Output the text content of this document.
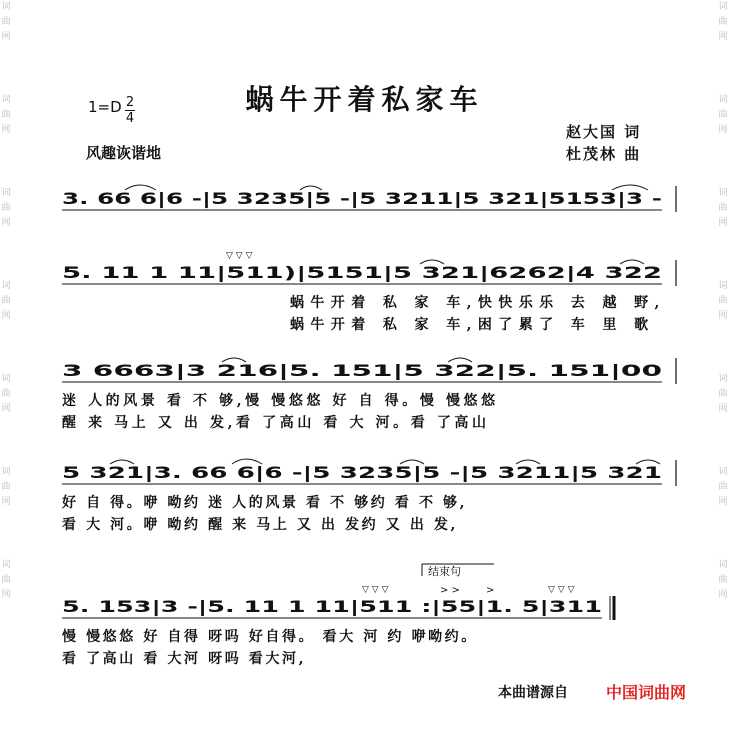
词
曲
网
词
曲
网
词
曲
网
词
曲
网
词
曲
网
词
曲
网
词
曲
网
词
曲
网
词
曲
网
词
曲
网
词
曲
网
词
曲
网
词
曲
网
词
曲
网
蜗牛开着私家车
1=D 2
4
风趣诙谐地
赵大国 词
杜茂林 曲
3. 66 6|6 -|5 3235|5 -|5 3211|5 321|5153|3 -
5. 11 1 11|511)|5151|5 321|6262|4 322
▽ ▽ ▽
3 6663|3 216|5. 151|5 322|5. 151|00
5 321|3. 66 6|6 -|5 3235|5 -|5 3211|5 321
5. 153|3 -|5. 11 1 11|511 :|55|1. 5|311
▽ ▽ ▽	> >	>	▽ ▽ ▽
结束句
蜗牛开着 私 家 车,快快乐乐 去 越 野,
蜗牛开着 私 家 车,困了累了 车 里 歌
迷 人的风景 看 不 够,慢 慢悠悠 好 自 得。慢 慢悠悠
醒 来 马上 又 出 发,看 了高山 看 大 河。看 了高山
好 自 得。咿 呦约 迷 人的风景 看 不 够约 看 不 够,
看 大 河。咿 呦约 醒 来 马上 又 出 发约 又 出 发,
慢 慢悠悠 好 自得 呀吗 好自得。 看大 河 约 咿呦约。
看 了高山 看 大河 呀吗 看大河,
本曲谱源自 中国词曲网
